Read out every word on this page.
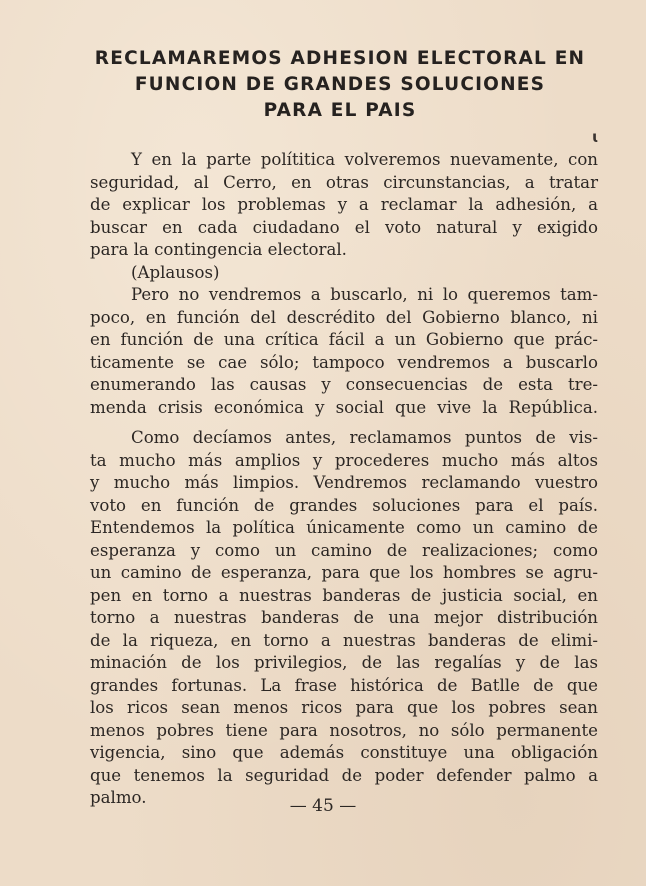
RECLAMAREMOS ADHESION ELECTORAL EN
FUNCION DE GRANDES SOLUCIONES
PARA EL PAIS
ɩ
Y en la parte polítitica volveremos nuevamente, con
seguridad, al Cerro, en otras circunstancias, a tratar
de explicar los problemas y a reclamar la adhesión, a
buscar en cada ciudadano el voto natural y exigido
para la contingencia electoral.
(Aplausos)
Pero no vendremos a buscarlo, ni lo queremos tam-
poco, en función del descrédito del Gobierno blanco, ni
en función de una crítica fácil a un Gobierno que prác-
ticamente se cae sólo; tampoco vendremos a buscarlo
enumerando las causas y consecuencias de esta tre-
menda crisis económica y social que vive la República.
Como decíamos antes, reclamamos puntos de vis-
ta mucho más amplios y procederes mucho más altos
y mucho más limpios. Vendremos reclamando vuestro
voto en función de grandes soluciones para el país.
Entendemos la política únicamente como un camino de
esperanza y como un camino de realizaciones; como
un camino de esperanza, para que los hombres se agru-
pen en torno a nuestras banderas de justicia social, en
torno a nuestras banderas de una mejor distribución
de la riqueza, en torno a nuestras banderas de elimi-
minación de los privilegios, de las regalías y de las
grandes fortunas. La frase histórica de Batlle de que
los ricos sean menos ricos para que los pobres sean
menos pobres tiene para nosotros, no sólo permanente
vigencia, sino que además constituye una obligación
que tenemos la seguridad de poder defender palmo a
palmo.	— 45 —
